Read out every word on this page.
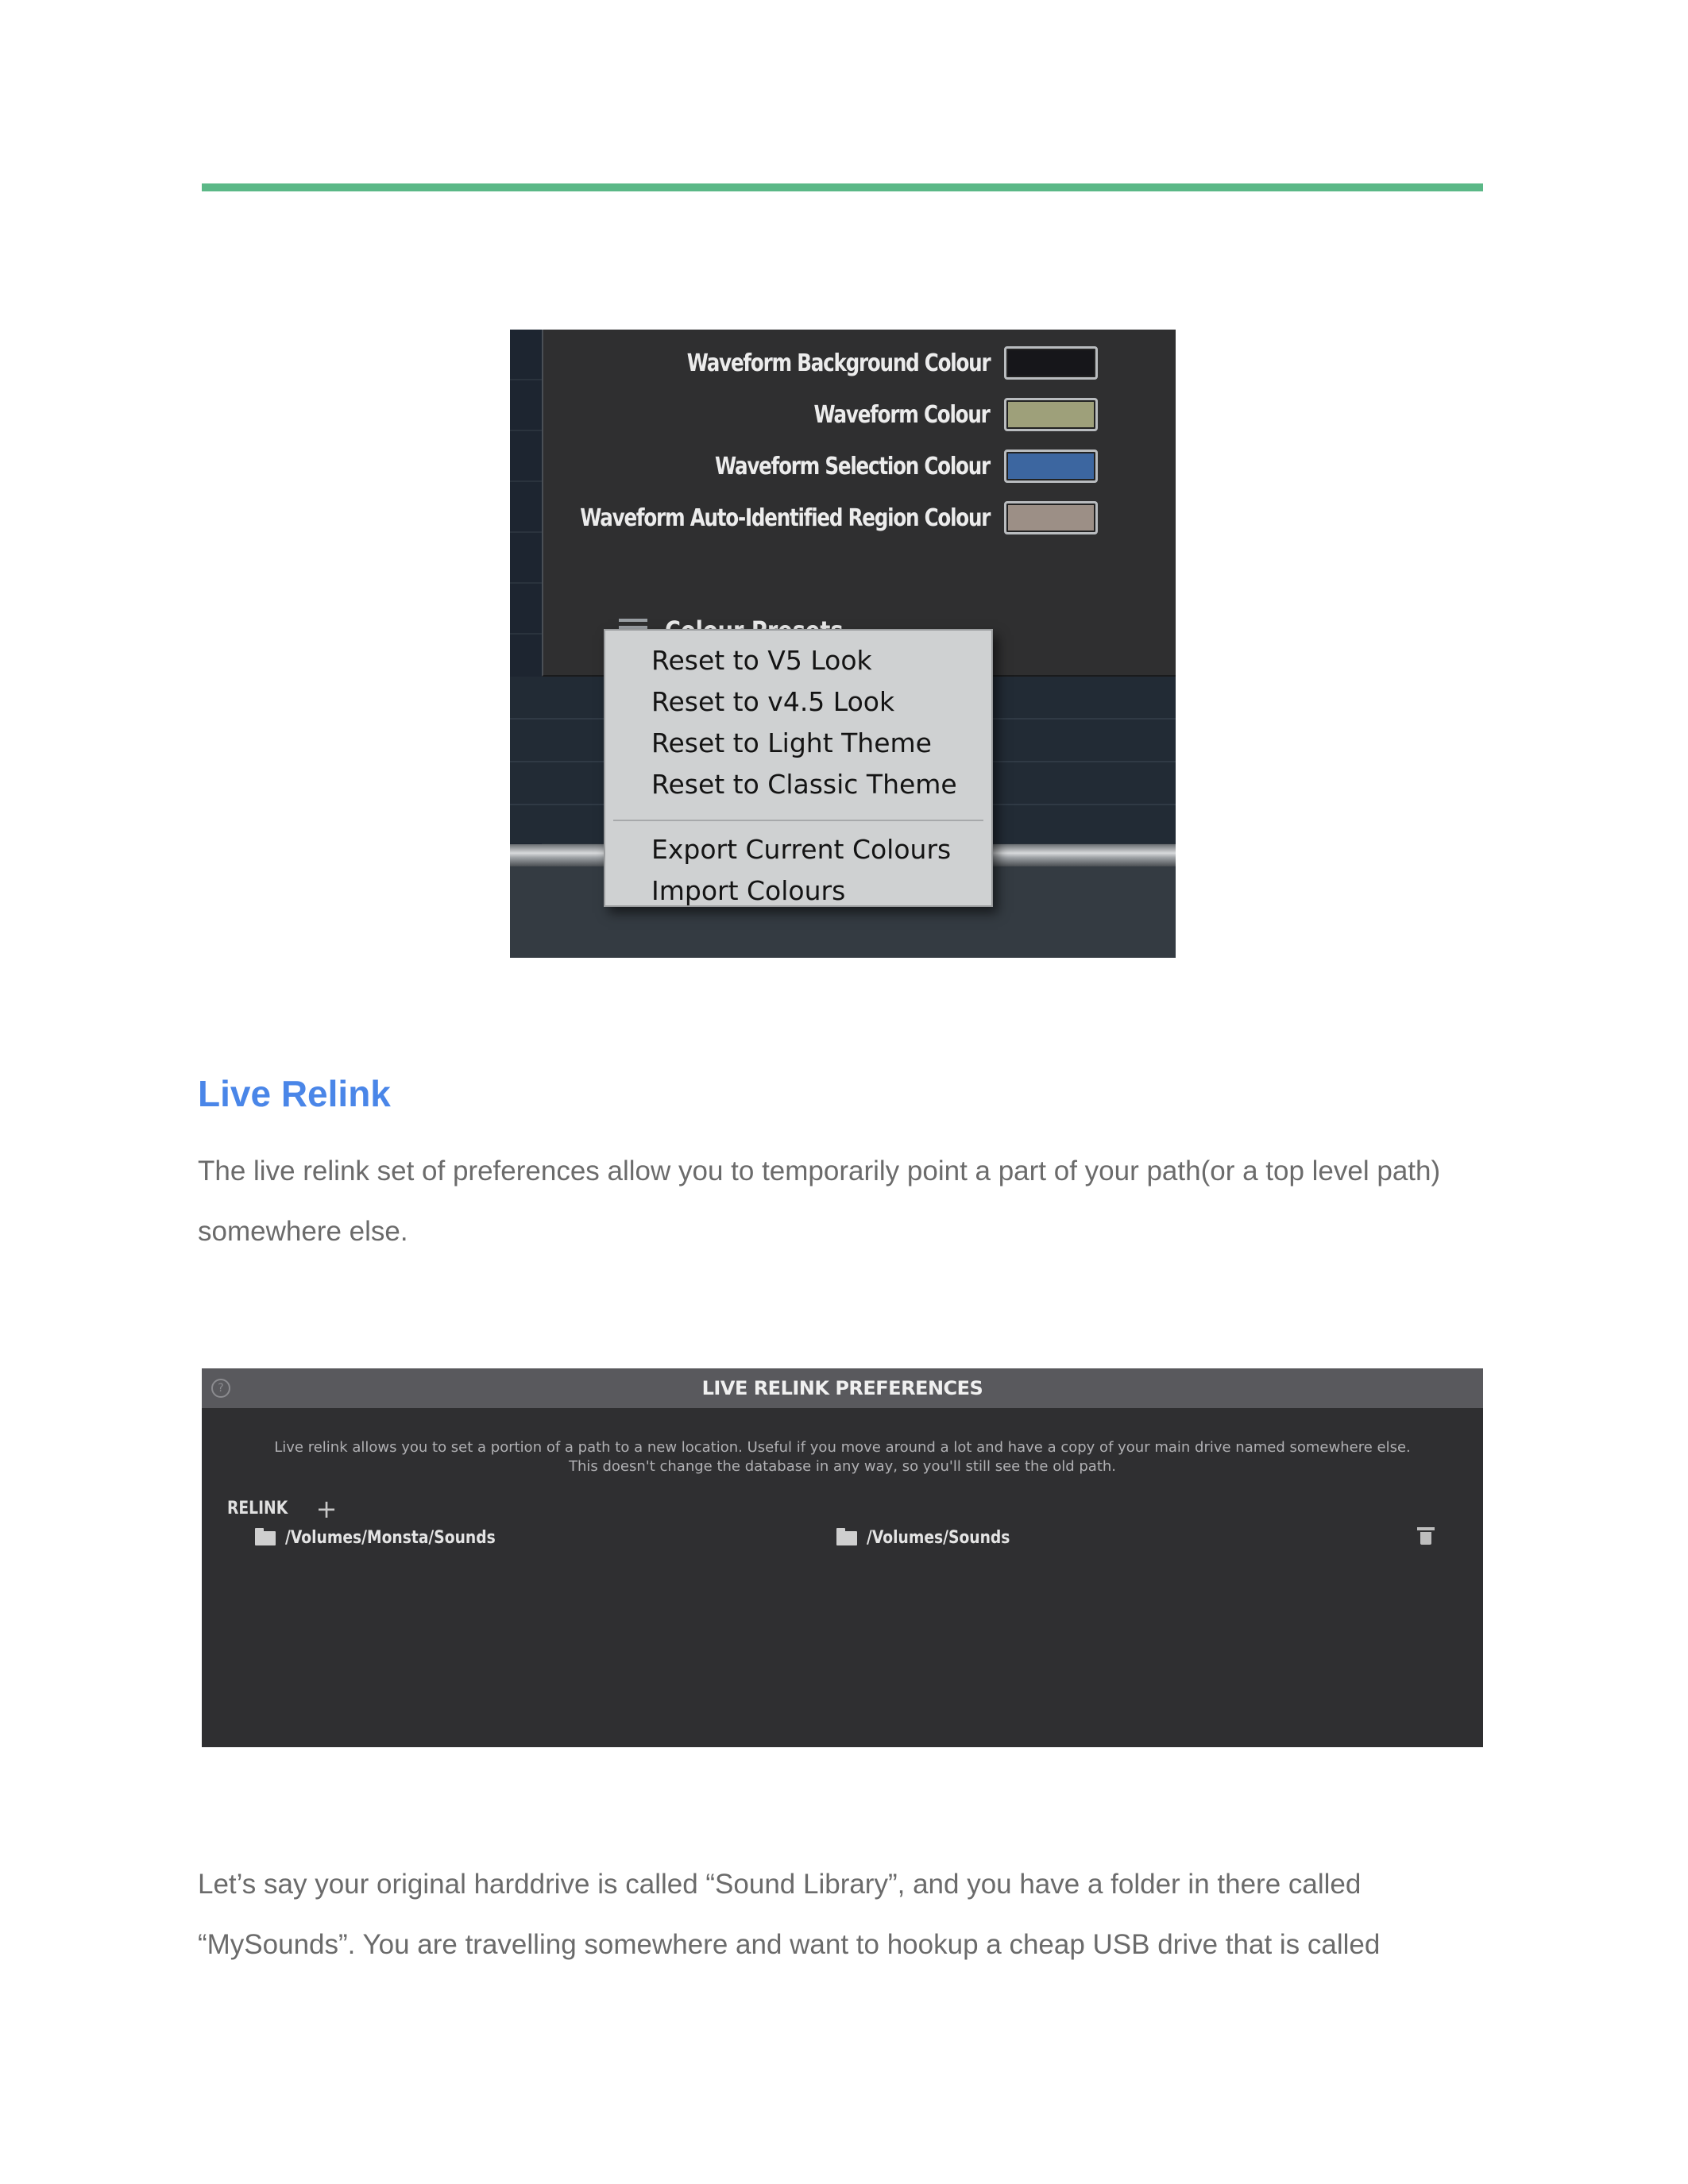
Waveform Background Colour
Waveform Colour
Waveform Selection Colour
Waveform Auto-Identified Region Colour
Reset to V5 Look
Reset to v4.5 Look
Reset to Light Theme
Reset to Classic Theme
Export Current Colours
Import Colours
Live Relink

The live relink set of preferences allow you to temporarily point a part of your path(or a top level path) somewhere else.

?	LIVE RELINK PREFERENCES
Live relink allows you to set a portion of a path to a new location. Useful if you move around a lot and have a copy of your main drive named somewhere else.
This doesn't change the database in any way, so you'll still see the old path.
RELINK +
/Volumes/Monsta/Sounds	/Volumes/Sounds

Let’s say your original harddrive is called “Sound Library”, and you have a folder in there called “MySounds”. You are travelling somewhere and want to hookup a cheap USB drive that is called
